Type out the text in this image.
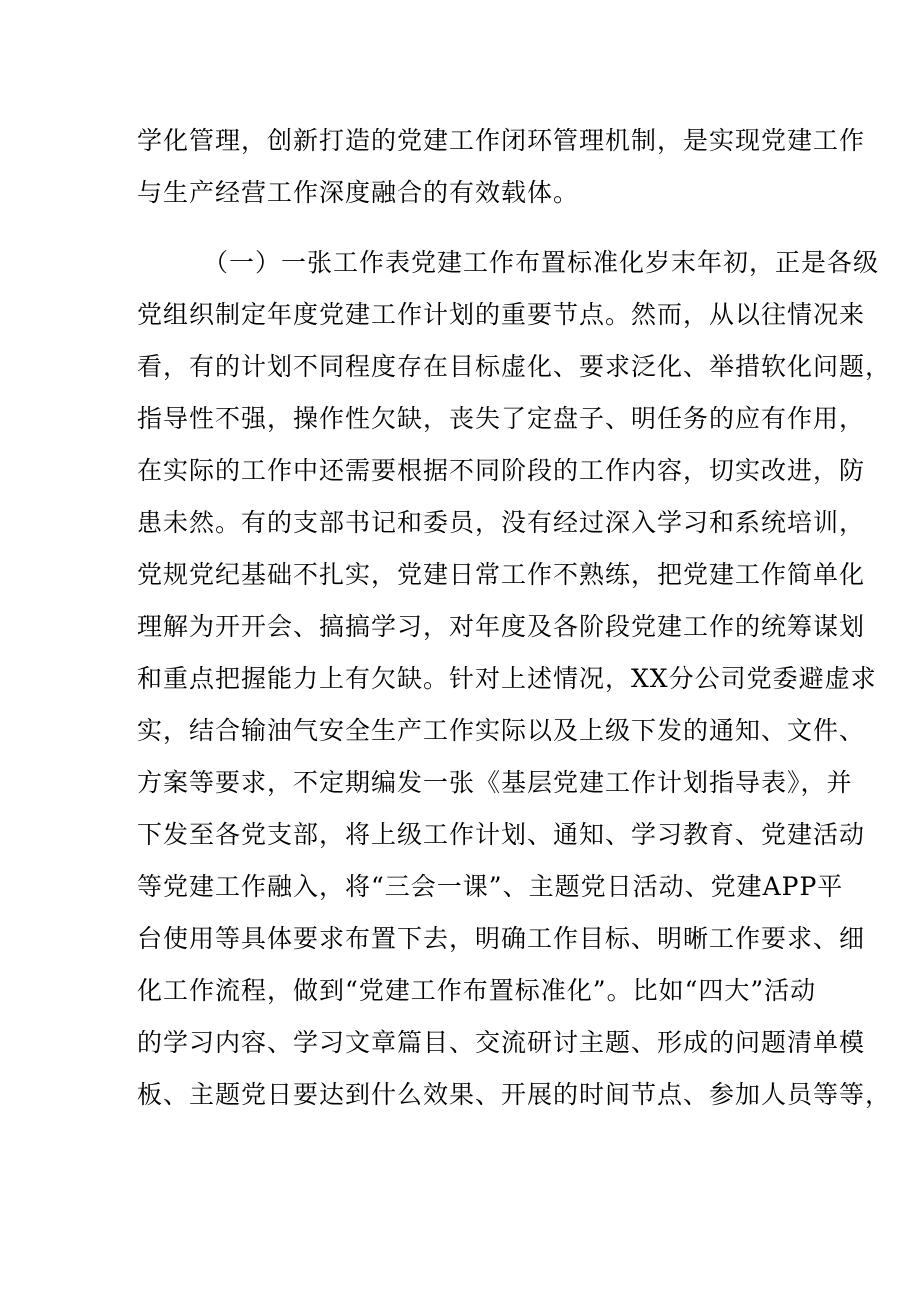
学化管理，创新打造的党建工作闭环管理机制，是实现党建工作
与生产经营工作深度融合的有效载体。
（一）一张工作表党建工作布置标准化岁末年初，正是各级
党组织制定年度党建工作计划的重要节点。然而，从以往情况来
看，有的计划不同程度存在目标虚化、要求泛化、举措软化问题，
指导性不强，操作性欠缺，丧失了定盘子、明任务的应有作用，
在实际的工作中还需要根据不同阶段的工作内容，切实改进，防
患未然。有的支部书记和委员，没有经过深入学习和系统培训，
党规党纪基础不扎实，党建日常工作不熟练，把党建工作简单化
理解为开开会、搞搞学习，对年度及各阶段党建工作的统筹谋划
和重点把握能力上有欠缺。针对上述情况，XX分公司党委避虚求
实，结合输油气安全生产工作实际以及上级下发的通知、文件、
方案等要求，不定期编发一张《基层党建工作计划指导表》，并
下发至各党支部，将上级工作计划、通知、学习教育、党建活动
等党建工作融入，将“三会一课”、主题党日活动、党建APP平
台使用等具体要求布置下去，明确工作目标、明晰工作要求、细
化工作流程，做到“党建工作布置标准化”。比如“四大”活动
的学习内容、学习文章篇目、交流研讨主题、形成的问题清单模
板、主题党日要达到什么效果、开展的时间节点、参加人员等等，
